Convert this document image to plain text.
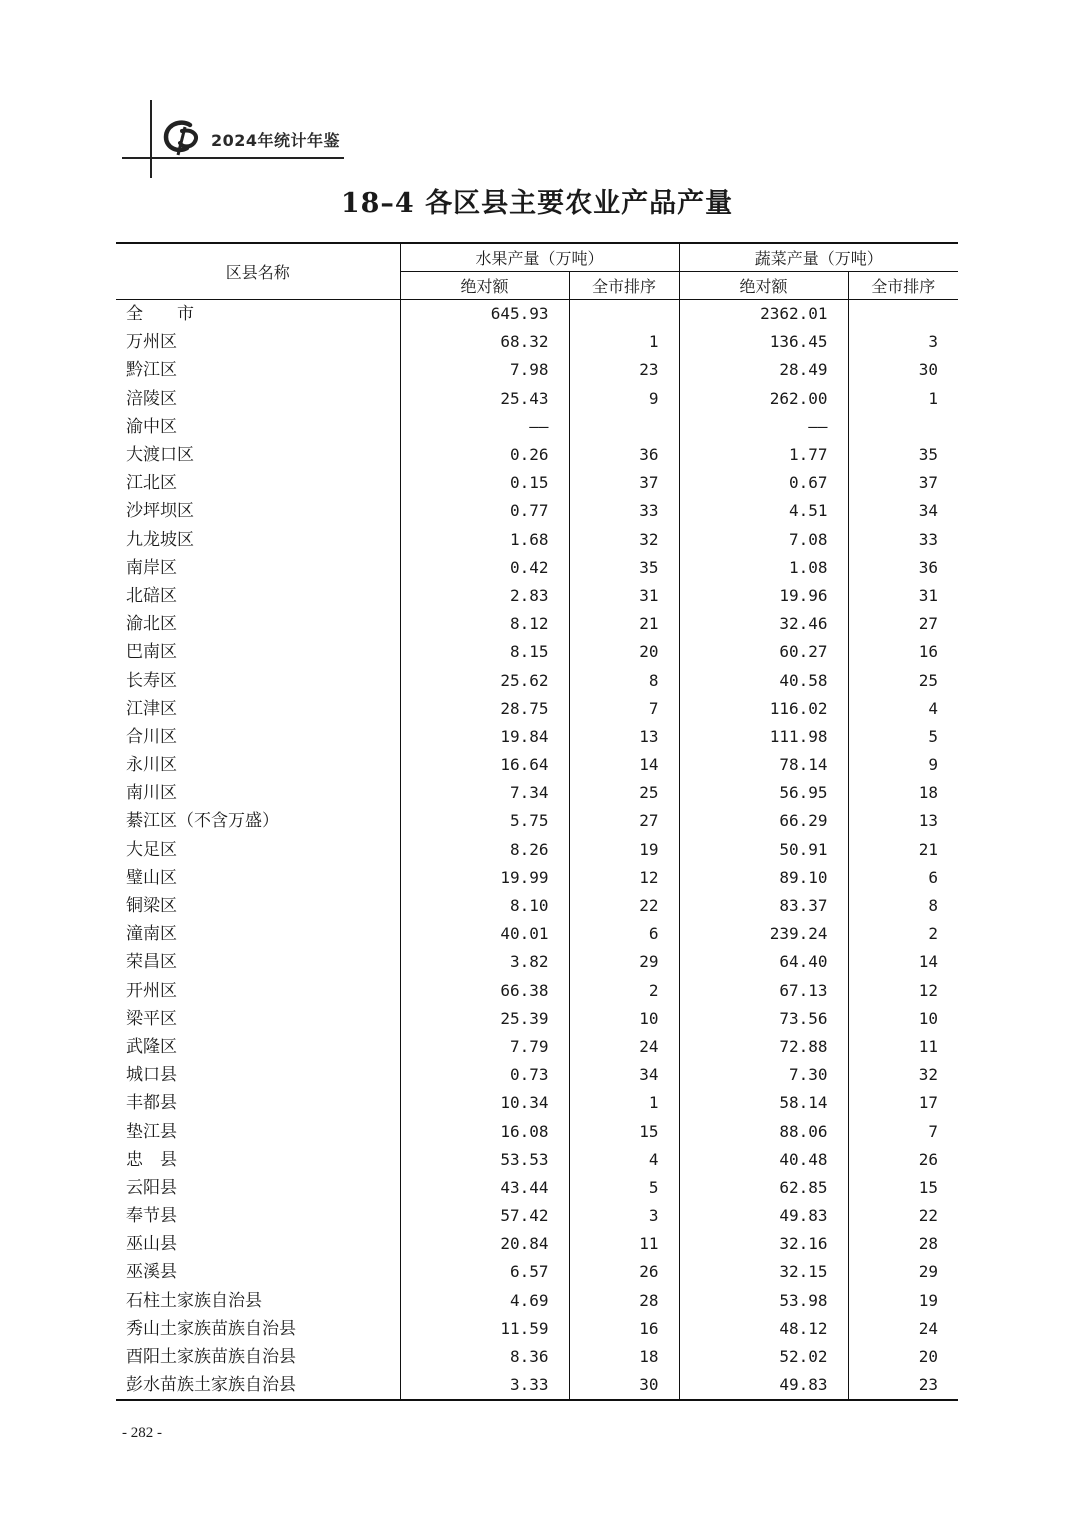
2024年统计年鉴
18–4 各区县主要农业产品产量
区县名称	水果产量（万吨）		蔬菜产量（万吨）	
	绝对额	全市排序	绝对额	全市排序
全　　市	645.93		2362.01	
万州区	68.32	1	136.45	3
黔江区	7.98	23	28.49	30
涪陵区	25.43	9	262.00	1
渝中区	——		——	
大渡口区	0.26	36	1.77	35
江北区	0.15	37	0.67	37
沙坪坝区	0.77	33	4.51	34
九龙坡区	1.68	32	7.08	33
南岸区	0.42	35	1.08	36
北碚区	2.83	31	19.96	31
渝北区	8.12	21	32.46	27
巴南区	8.15	20	60.27	16
长寿区	25.62	8	40.58	25
江津区	28.75	7	116.02	4
合川区	19.84	13	111.98	5
永川区	16.64	14	78.14	9
南川区	7.34	25	56.95	18
綦江区（不含万盛）	5.75	27	66.29	13
大足区	8.26	19	50.91	21
璧山区	19.99	12	89.10	6
铜梁区	8.10	22	83.37	8
潼南区	40.01	6	239.24	2
荣昌区	3.82	29	64.40	14
开州区	66.38	2	67.13	12
梁平区	25.39	10	73.56	10
武隆区	7.79	24	72.88	11
城口县	0.73	34	7.30	32
丰都县	10.34	1	58.14	17
垫江县	16.08	15	88.06	7
忠　县	53.53	4	40.48	26
云阳县	43.44	5	62.85	15
奉节县	57.42	3	49.83	22
巫山县	20.84	11	32.16	28
巫溪县	6.57	26	32.15	29
石柱土家族自治县	4.69	28	53.98	19
秀山土家族苗族自治县	11.59	16	48.12	24
酉阳土家族苗族自治县	8.36	18	52.02	20
彭水苗族土家族自治县	3.33	30	49.83	23
- 282 -
